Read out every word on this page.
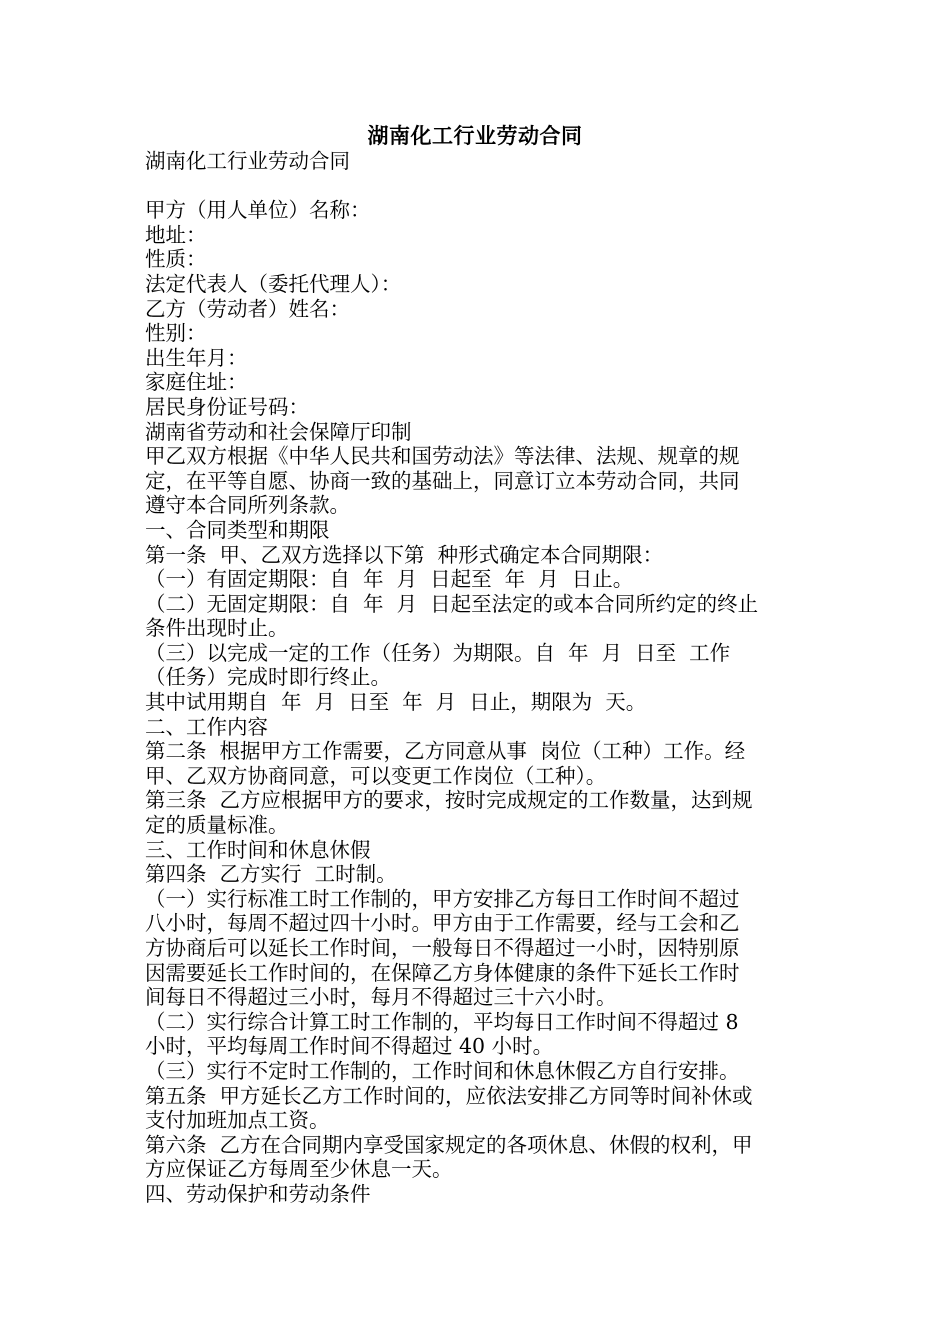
湖南化工行业劳动合同
湖南化工行业劳动合同
甲方（用人单位）名称：
地址：
性质：
法定代表人（委托代理人）：
乙方（劳动者）姓名：
性别：
出生年月：
家庭住址：
居民身份证号码：
湖南省劳动和社会保障厅印制
甲乙双方根据《中华人民共和国劳动法》等法律、法规、规章的规
定，在平等自愿、协商一致的基础上，同意订立本劳动合同，共同
遵守本合同所列条款。
一、合同类型和期限
第一条  甲、乙双方选择以下第  种形式确定本合同期限：
（一）有固定期限：自  年  月  日起至  年  月  日止。
（二）无固定期限：自  年  月  日起至法定的或本合同所约定的终止
条件出现时止。
（三）以完成一定的工作（任务）为期限。自  年  月  日至  工作
（任务）完成时即行终止。
其中试用期自  年  月  日至  年  月  日止，期限为  天。
二、工作内容
第二条  根据甲方工作需要，乙方同意从事  岗位（工种）工作。经
甲、乙双方协商同意，可以变更工作岗位（工种）。
第三条  乙方应根据甲方的要求，按时完成规定的工作数量，达到规
定的质量标准。
三、工作时间和休息休假
第四条  乙方实行  工时制。
（一）实行标准工时工作制的，甲方安排乙方每日工作时间不超过
八小时，每周不超过四十小时。甲方由于工作需要，经与工会和乙
方协商后可以延长工作时间，一般每日不得超过一小时，因特别原
因需要延长工作时间的，在保障乙方身体健康的条件下延长工作时
间每日不得超过三小时，每月不得超过三十六小时。
（二）实行综合计算工时工作制的，平均每日工作时间不得超过 8
小时，平均每周工作时间不得超过 40 小时。
（三）实行不定时工作制的，工作时间和休息休假乙方自行安排。
第五条  甲方延长乙方工作时间的，应依法安排乙方同等时间补休或
支付加班加点工资。
第六条  乙方在合同期内享受国家规定的各项休息、休假的权利，甲
方应保证乙方每周至少休息一天。
四、劳动保护和劳动条件
